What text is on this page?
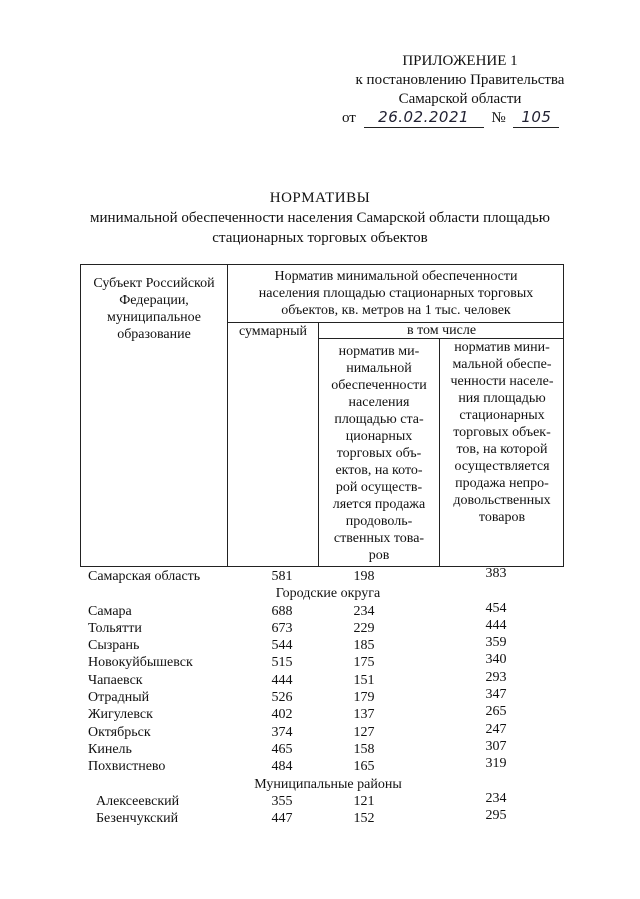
ПРИЛОЖЕНИЕ 1
к постановлению Правительства
Самарской области
от 26.02.2021 № 105
НОРМАТИВЫ
минимальной обеспеченности населения Самарской области площадью
стационарных торговых объектов
Субъект Российской
Федерации,
муниципальное
образование
Норматив минимальной обеспеченности
населения площадью стационарных торговых
объектов, кв. метров на 1 тыс. человек
суммарный	в том числе
норматив ми-
нимальной
обеспеченности
населения
площадью ста-
ционарных
торговых объ-
ектов, на кото-
рой осуществ-
ляется продажа
продоволь-
ственных това-
ров
норматив мини-
мальной обеспе-
ченности населе-
ния площадью
стационарных
торговых объек-
тов, на которой
осуществляется
продажа непро-
довольственных
товаров
Самарская область	581	198	383
Городские округа
Самара	688	234	454
Тольятти	673	229	444
Сызрань	544	185	359
Новокуйбышевск	515	175	340
Чапаевск	444	151	293
Отрадный	526	179	347
Жигулевск	402	137	265
Октябрьск	374	127	247
Кинель	465	158	307
Похвистнево	484	165	319
Муниципальные районы
Алексеевский	355	121	234
Безенчукский	447	152	295
